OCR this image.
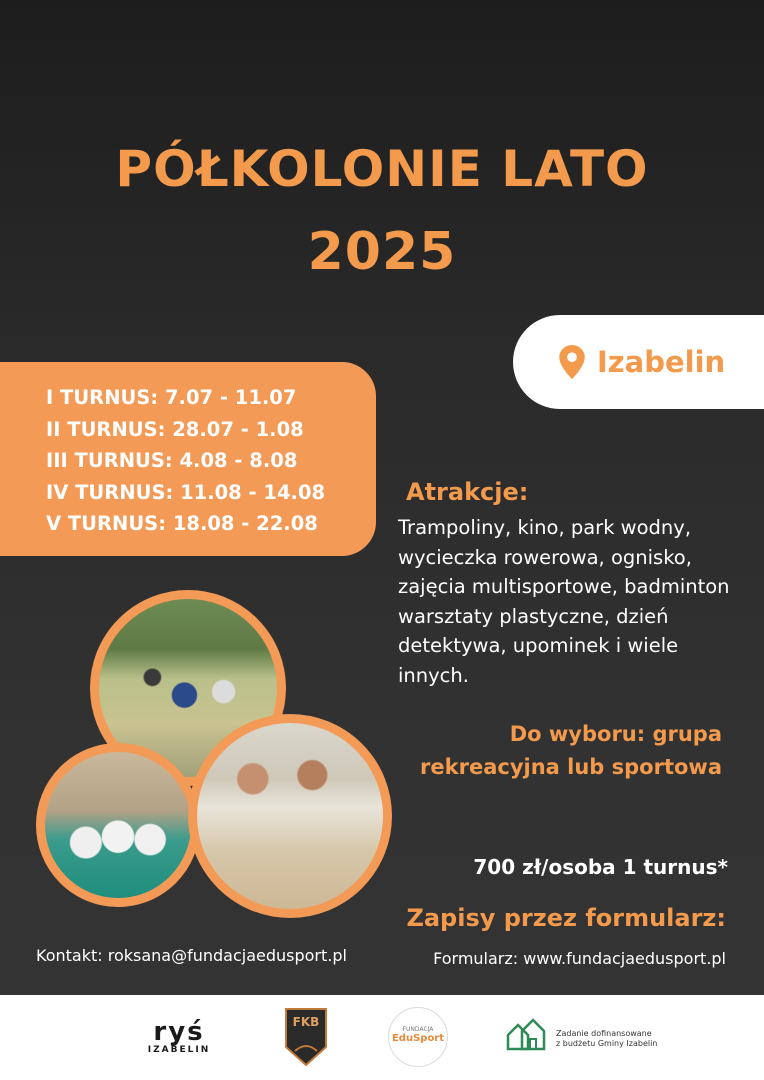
PÓŁKOLONIE LATO
2025
Izabelin
I TURNUS: 7.07 - 11.07
II TURNUS: 28.07 - 1.08
III TURNUS: 4.08 - 8.08
IV TURNUS: 11.08 - 14.08
V TURNUS: 18.08 - 22.08
Atrakcje:
Trampoliny, kino, park wodny,
wycieczka rowerowa, ognisko,
zajęcia multisportowe, badminton
warsztaty plastyczne, dzień
detektywa, upominek i wiele innych.
Do wyboru: grupa
rekreacyjna lub sportowa
700 zł/osoba 1 turnus*
Zapisy przez formularz:
Formularz: www.fundacjaedusport.pl
Kontakt: roksana@fundacjaedusport.pl
ryś
IZABELIN
FKB
FUNDACJA
EduSport	Zadanie dofinansowane
z budżetu Gminy Izabelin
